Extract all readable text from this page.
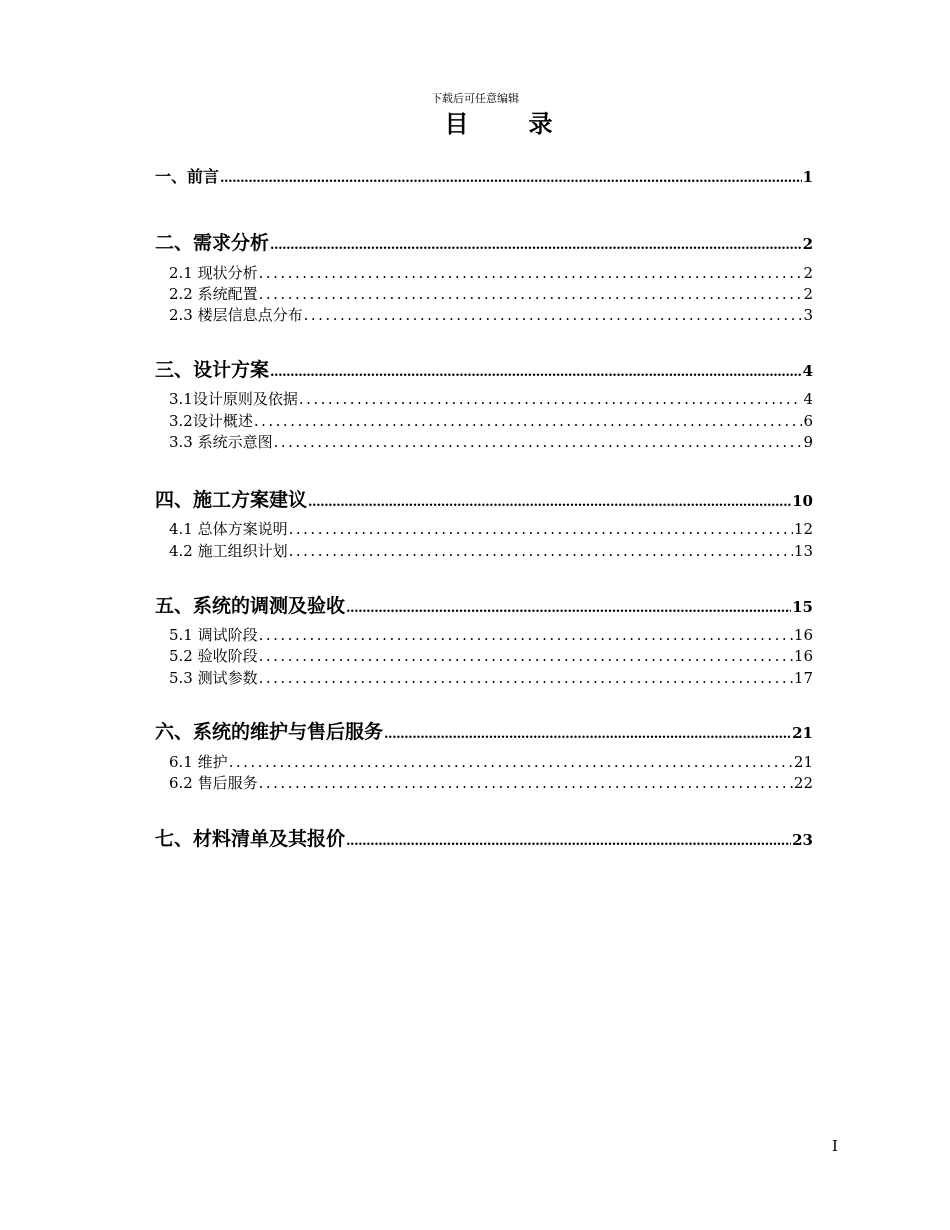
下载后可任意编辑
目	录
一、前言 .....	1
二、需求分析 .....	2
2.1 现状分析 .....	2
2.2 系统配置 .....	2
2.3 楼层信息点分布 .....	3
三、设计方案 .....	4
3.1设计原则及依据 .....	4
3.2设计概述 .....	6
3.3 系统示意图 .....	9
四、施工方案建议 .....	10
4.1 总体方案说明 .....	12
4.2 施工组织计划 .....	13
五、系统的调测及验收 .....	15
5.1 调试阶段 .....	16
5.2 验收阶段 .....	16
5.3 测试参数 .....	17
六、系统的维护与售后服务 .....	21
6.1 维护 .....	21
6.2 售后服务 .....	22
七、材料清单及其报价 .....	23
I
